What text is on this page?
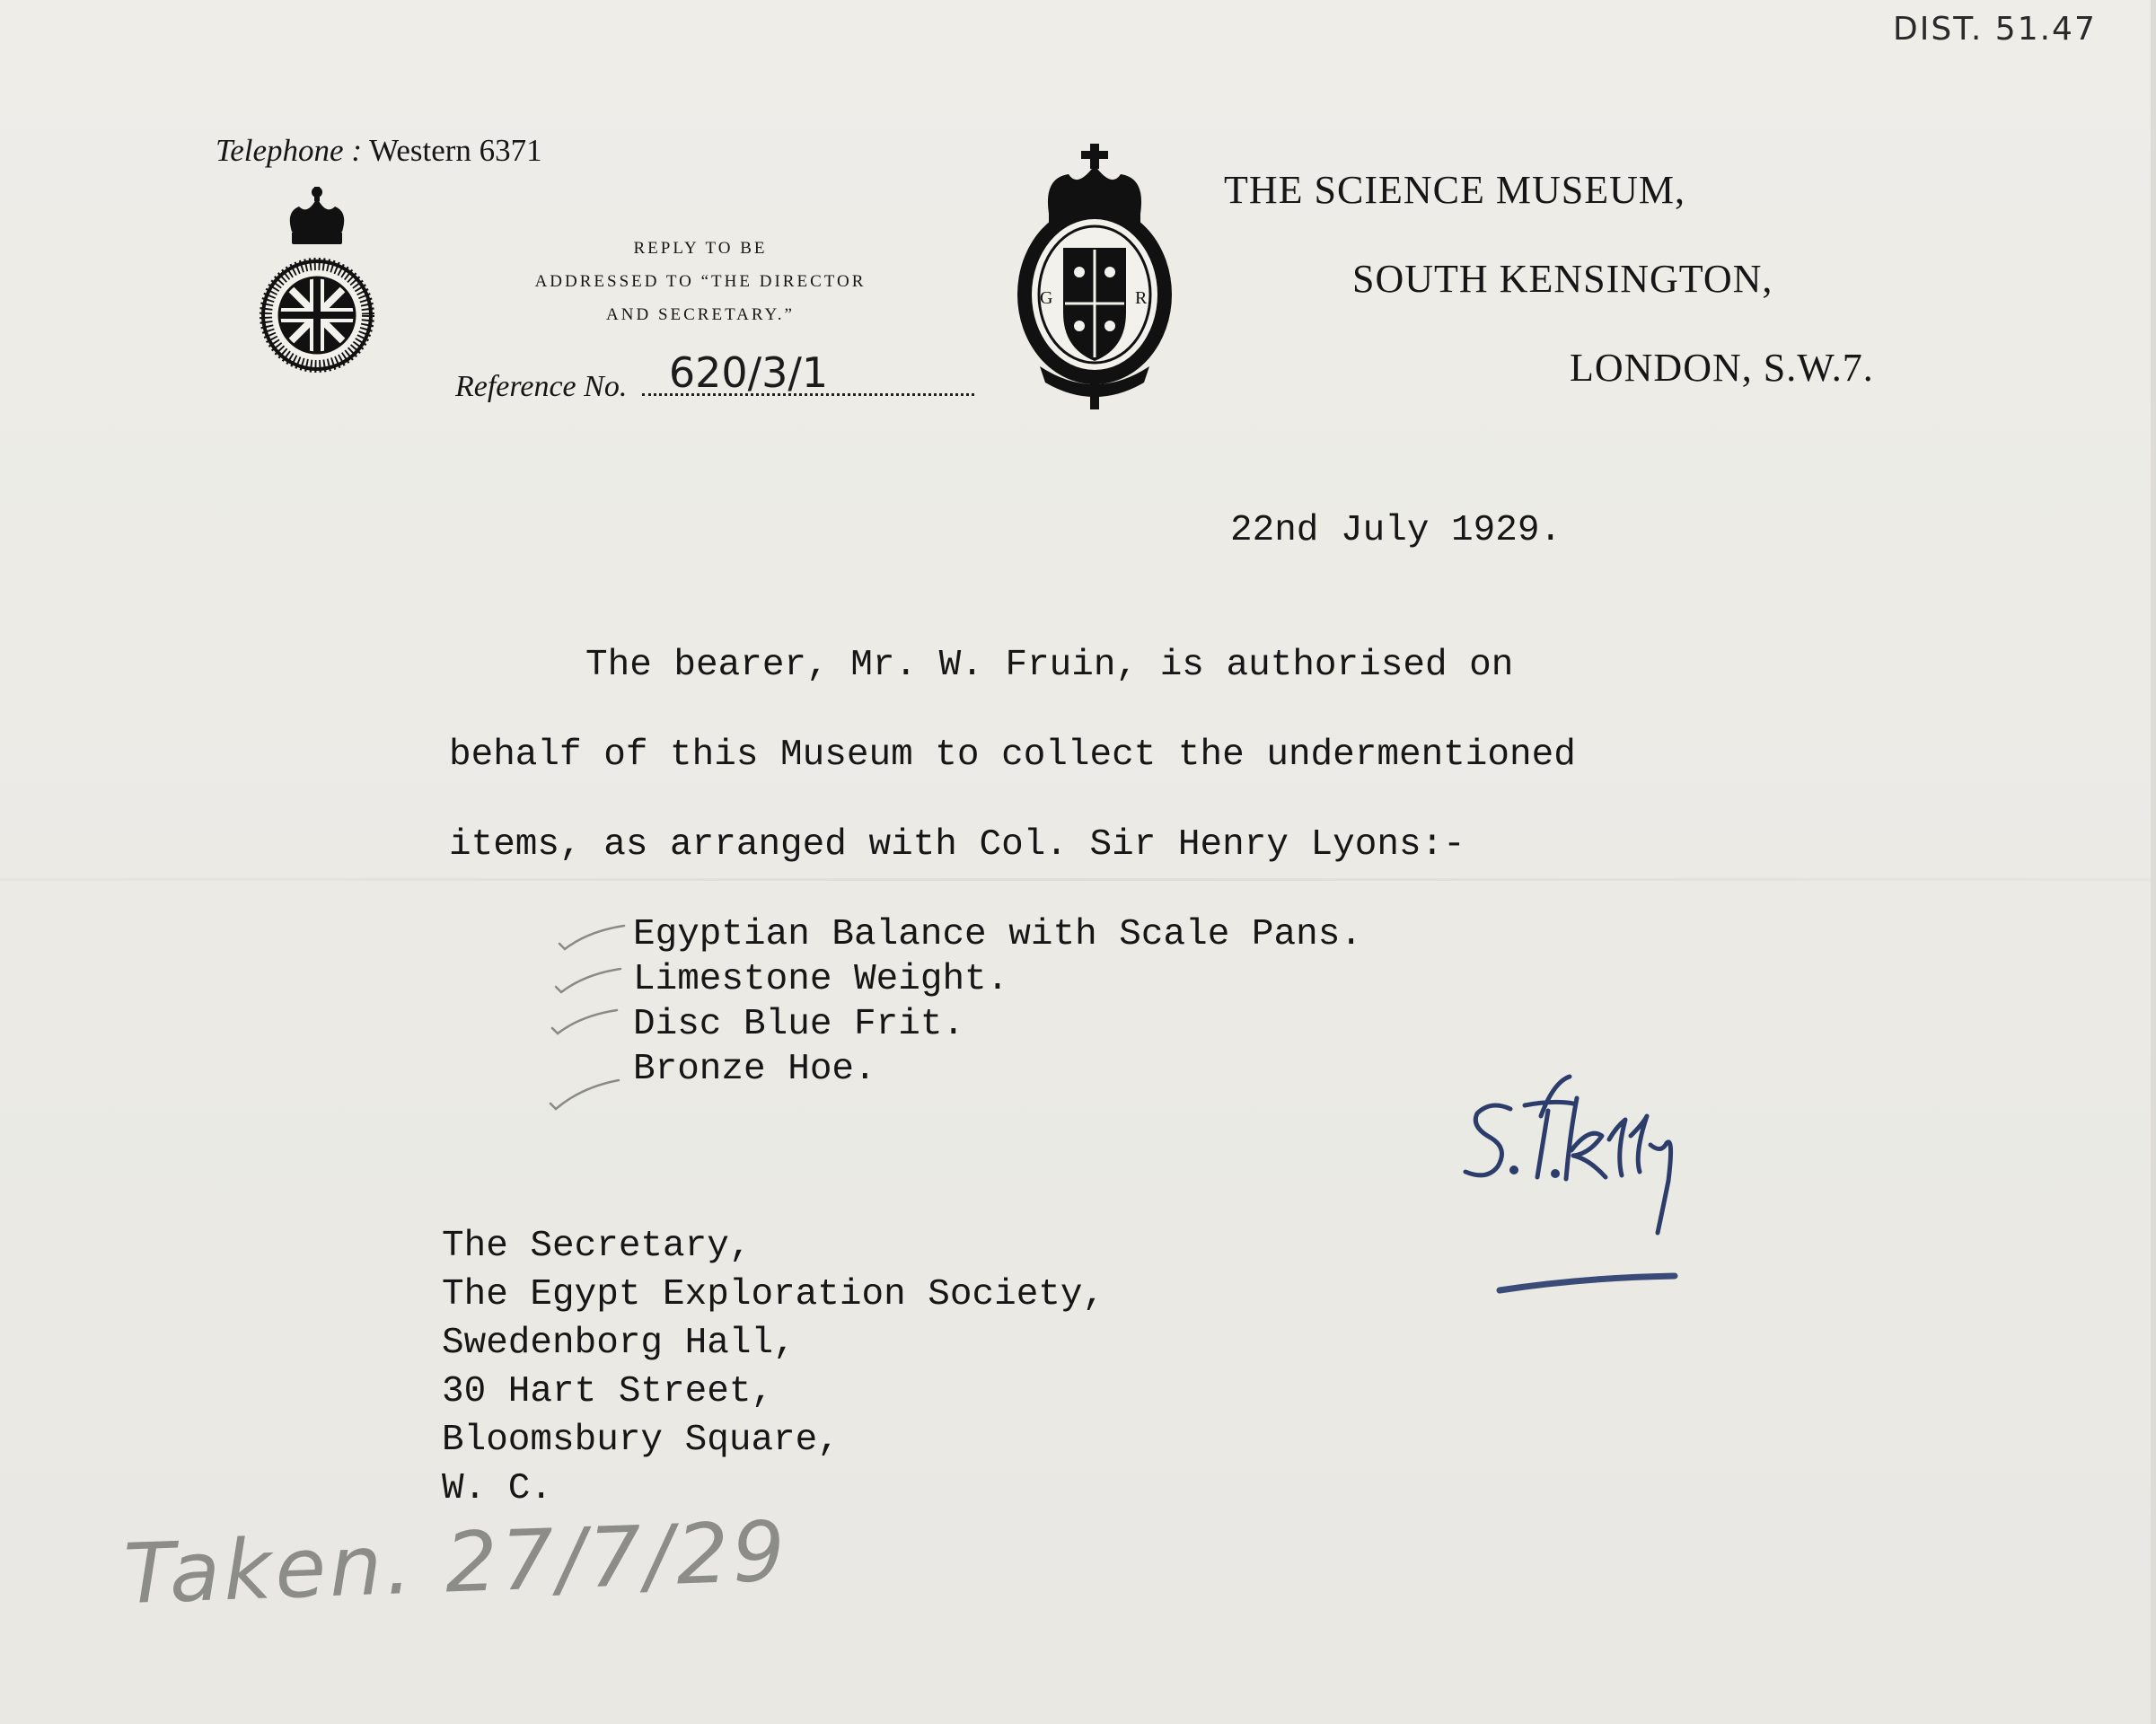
DIST. 51.47
Telephone : Western 6371
REPLY TO BE
ADDRESSED TO “THE DIRECTOR
AND SECRETARY.”
Reference No. 620/3/1
G	R
THE SCIENCE MUSEUM,
SOUTH KENSINGTON,
LONDON, S.W.7.
22nd July 1929.
The bearer, Mr. W. Fruin, is authorised on
behalf of this Museum to collect the undermentioned
items, as arranged with Col. Sir Henry Lyons:-
Egyptian Balance with Scale Pans.
Limestone Weight.
Disc Blue Frit.
Bronze Hoe.
The Secretary,
The Egypt Exploration Society,
Swedenborg Hall,
30 Hart Street,
Bloomsbury Square,
W. C.
Taken. 27/7/29
